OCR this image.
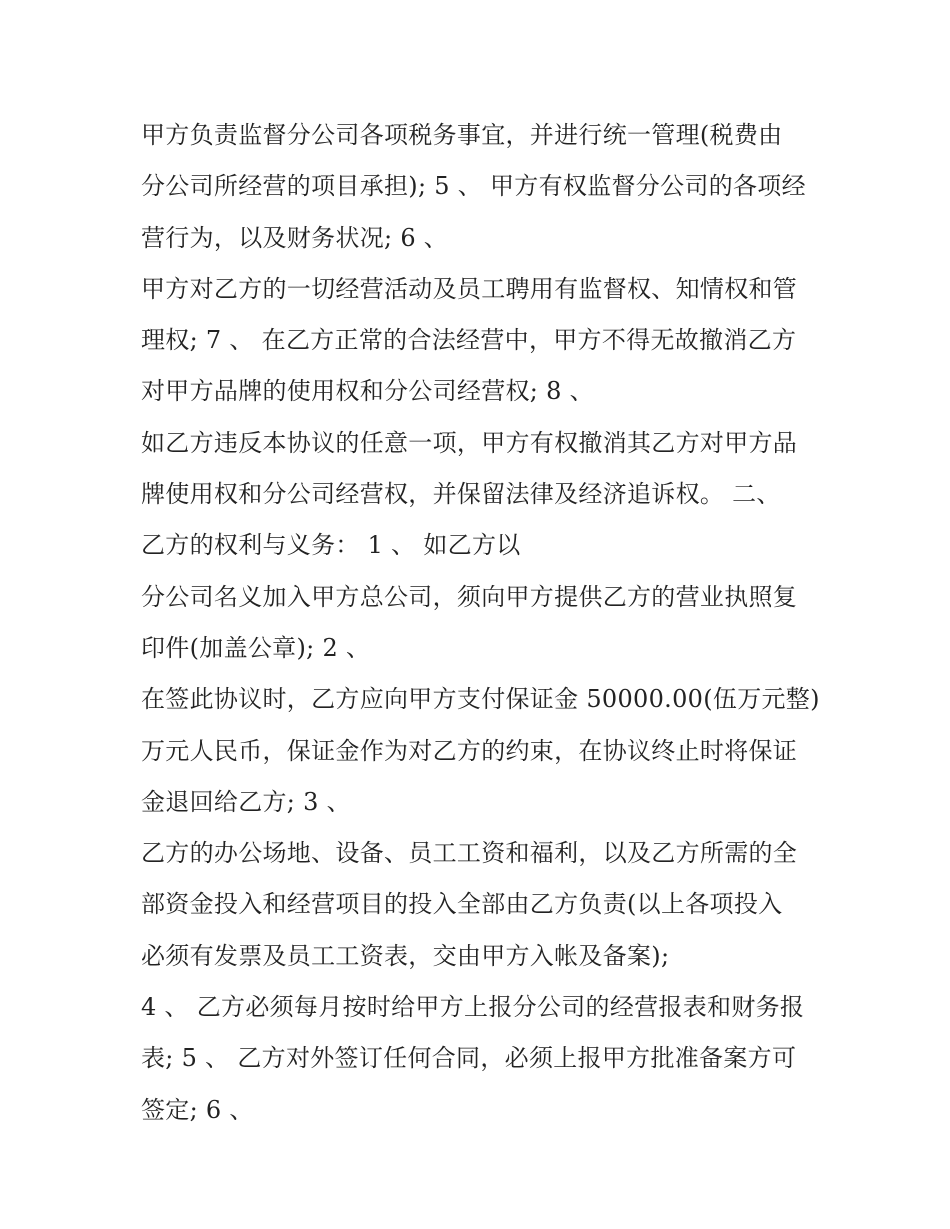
甲方负责监督分公司各项税务事宜，并进行统一管理(税费由
分公司所经营的项目承担); 5 、 甲方有权监督分公司的各项经
营行为，以及财务状况; 6 、
甲方对乙方的一切经营活动及员工聘用有监督权、知情权和管
理权; 7 、 在乙方正常的合法经营中，甲方不得无故撤消乙方
对甲方品牌的使用权和分公司经营权; 8 、
如乙方违反本协议的任意一项，甲方有权撤消其乙方对甲方品
牌使用权和分公司经营权，并保留法律及经济追诉权。 二、
乙方的权利与义务： 1 、 如乙方以
分公司名义加入甲方总公司，须向甲方提供乙方的营业执照复
印件(加盖公章); 2 、
在签此协议时，乙方应向甲方支付保证金 50000.00(伍万元整)
万元人民币，保证金作为对乙方的约束，在协议终止时将保证
金退回给乙方; 3 、
乙方的办公场地、设备、员工工资和福利，以及乙方所需的全
部资金投入和经营项目的投入全部由乙方负责(以上各项投入
必须有发票及员工工资表，交由甲方入帐及备案);
4 、 乙方必须每月按时给甲方上报分公司的经营报表和财务报
表; 5 、 乙方对外签订任何合同，必须上报甲方批准备案方可
签定; 6 、
